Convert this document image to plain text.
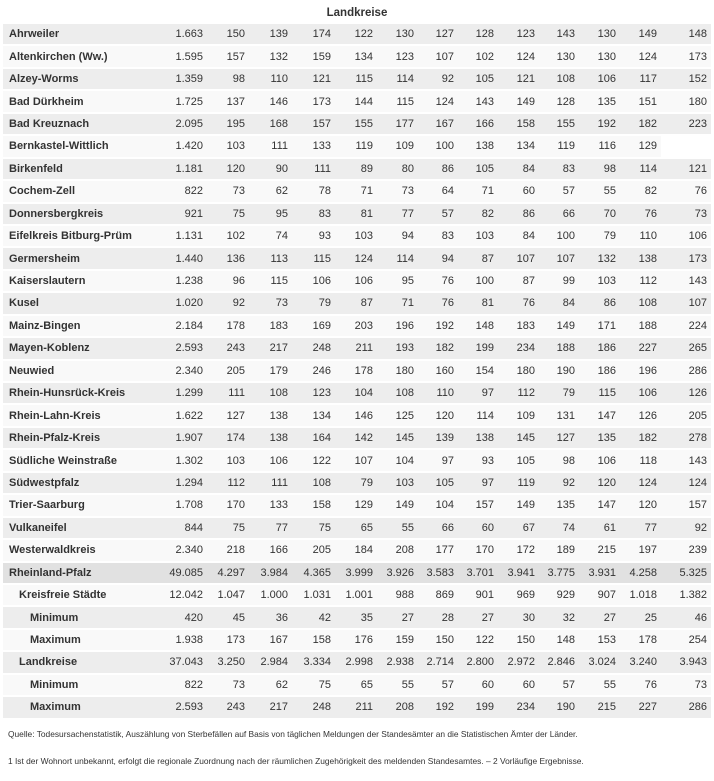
Landkreise
Ahrweiler	1.663	150	139	174	122	130	127	128	123	143	130	149	148
Altenkirchen (Ww.)	1.595	157	132	159	134	123	107	102	124	130	130	124	173
Alzey-Worms	1.359	98	110	121	115	114	92	105	121	108	106	117	152
Bad Dürkheim	1.725	137	146	173	144	115	124	143	149	128	135	151	180
Bad Kreuznach	2.095	195	168	157	155	177	167	166	158	155	192	182	223
Bernkastel-Wittlich	1.420	103	111	133	119	109	100	138	134	119	116	129	
Birkenfeld	1.181	120	90	111	89	80	86	105	84	83	98	114	121
Cochem-Zell	822	73	62	78	71	73	64	71	60	57	55	82	76
Donnersbergkreis	921	75	95	83	81	77	57	82	86	66	70	76	73
Eifelkreis Bitburg-Prüm	1.131	102	74	93	103	94	83	103	84	100	79	110	106
Germersheim	1.440	136	113	115	124	114	94	87	107	107	132	138	173
Kaiserslautern	1.238	96	115	106	106	95	76	100	87	99	103	112	143
Kusel	1.020	92	73	79	87	71	76	81	76	84	86	108	107
Mainz-Bingen	2.184	178	183	169	203	196	192	148	183	149	171	188	224
Mayen-Koblenz	2.593	243	217	248	211	193	182	199	234	188	186	227	265
Neuwied	2.340	205	179	246	178	180	160	154	180	190	186	196	286
Rhein-Hunsrück-Kreis	1.299	111	108	123	104	108	110	97	112	79	115	106	126
Rhein-Lahn-Kreis	1.622	127	138	134	146	125	120	114	109	131	147	126	205
Rhein-Pfalz-Kreis	1.907	174	138	164	142	145	139	138	145	127	135	182	278
Südliche Weinstraße	1.302	103	106	122	107	104	97	93	105	98	106	118	143
Südwestpfalz	1.294	112	111	108	79	103	105	97	119	92	120	124	124
Trier-Saarburg	1.708	170	133	158	129	149	104	157	149	135	147	120	157
Vulkaneifel	844	75	77	75	65	55	66	60	67	74	61	77	92
Westerwaldkreis	2.340	218	166	205	184	208	177	170	172	189	215	197	239
Rheinland-Pfalz	49.085	4.297	3.984	4.365	3.999	3.926	3.583	3.701	3.941	3.775	3.931	4.258	5.325
Kreisfreie Städte	12.042	1.047	1.000	1.031	1.001	988	869	901	969	929	907	1.018	1.382
Minimum	420	45	36	42	35	27	28	27	30	32	27	25	46
Maximum	1.938	173	167	158	176	159	150	122	150	148	153	178	254
Landkreise	37.043	3.250	2.984	3.334	2.998	2.938	2.714	2.800	2.972	2.846	3.024	3.240	3.943
Minimum	822	73	62	75	65	55	57	60	60	57	55	76	73
Maximum	2.593	243	217	248	211	208	192	199	234	190	215	227	286
Quelle: Todesursachenstatistik, Auszählung von Sterbefällen auf Basis von täglichen Meldungen der Standesämter an die Statistischen Ämter der Länder.
1 Ist der Wohnort unbekannt, erfolgt die regionale Zuordnung nach der räumlichen Zugehörigkeit des meldenden Standesamtes. – 2 Vorläufige Ergebnisse.
